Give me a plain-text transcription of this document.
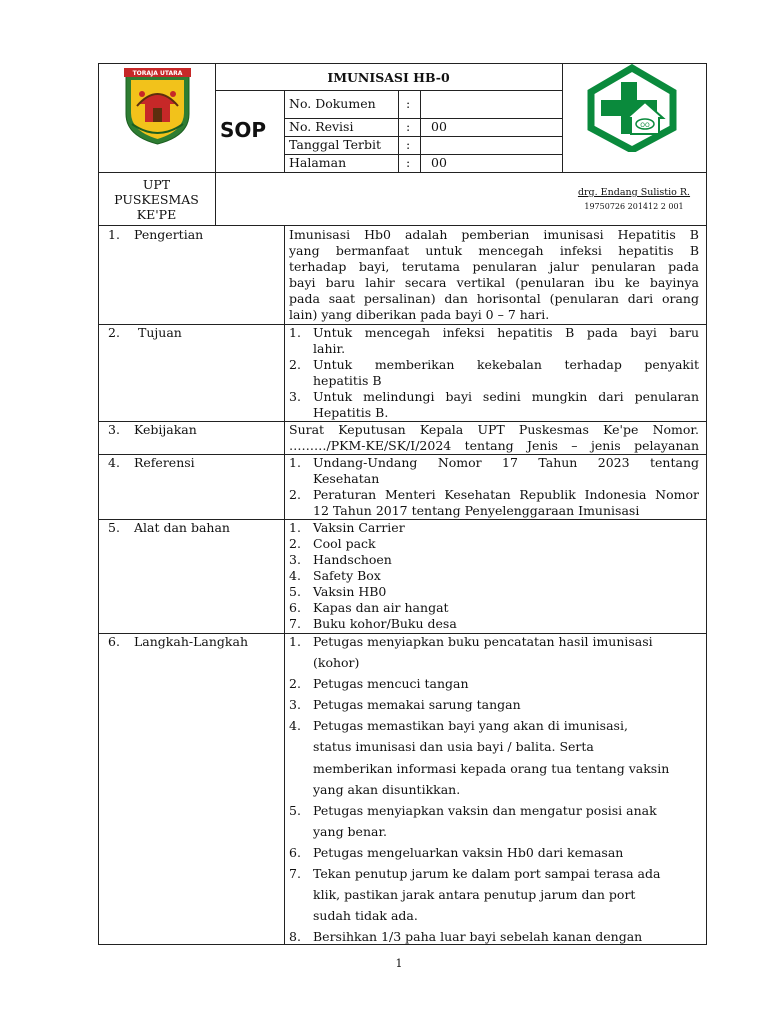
TORAJA UTARA	IMUNISASI HB-0
SOP
No. Dokumen :
No. Revisi	: 00
Tanggal Terbit :
Halaman	: 00
OO
UPT
PUSKESMAS
KE'PE
drg. Endang Sulistio R.
19750726 201412 2 001
1. Pengertian	Imunisasi Hb0 adalah pemberian imunisasi Hepatitis B
yang bermanfaat untuk mencegah infeksi hepatitis B
terhadap bayi, terutama penularan jalur penularan pada
bayi baru lahir secara vertikal (penularan ibu ke bayinya
pada saat persalinan) dan horisontal (penularan dari orang
lain) yang diberikan pada bayi 0 – 7 hari.
2. Tujuan	1. Untuk mencegah infeksi hepatitis B pada bayi baru
lahir.
2. Untuk memberikan kekebalan terhadap penyakit
hepatitis B
3. Untuk melindungi bayi sedini mungkin dari penularan
Hepatitis B.
3. Kebijakan	Surat Keputusan Kepala UPT Puskesmas Ke'pe Nomor.
………/PKM-KE/SK/I/2024 tentang Jenis – jenis pelayanan
4. Referensi	1. Undang-Undang Nomor 17 Tahun 2023 tentang
Kesehatan
2. Peraturan Menteri Kesehatan Republik Indonesia Nomor
12 Tahun 2017 tentang Penyelenggaraan Imunisasi
5. Alat dan bahan	1. Vaksin Carrier
2. Cool pack
3. Handschoen
4. Safety Box
5. Vaksin HB0
6. Kapas dan air hangat
7. Buku kohor/Buku desa
6. Langkah-Langkah	1. Petugas menyiapkan buku pencatatan hasil imunisasi
(kohor)
2. Petugas mencuci tangan
3. Petugas memakai sarung tangan
4. Petugas memastikan bayi yang akan di imunisasi,
status imunisasi dan usia bayi / balita. Serta
memberikan informasi kepada orang tua tentang vaksin
yang akan disuntikkan.
5. Petugas menyiapkan vaksin dan mengatur posisi anak
yang benar.
6. Petugas mengeluarkan vaksin Hb0 dari kemasan
7. Tekan penutup jarum ke dalam port sampai terasa ada
klik, pastikan jarak antara penutup jarum dan port
sudah tidak ada.
8. Bersihkan 1/3 paha luar bayi sebelah kanan dengan
1
